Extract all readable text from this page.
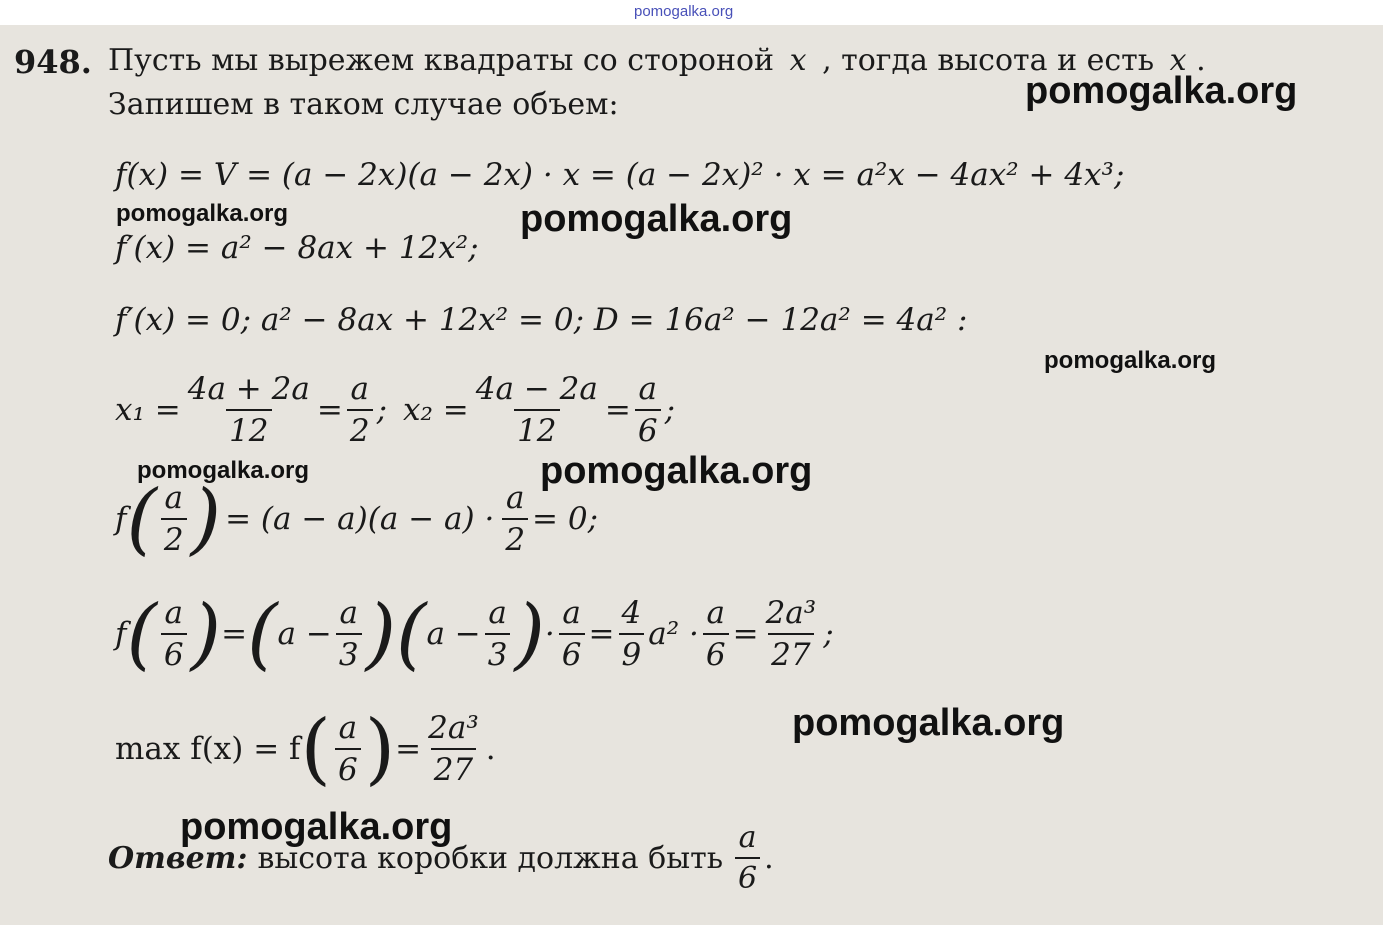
pomogalka.org
948. Пусть мы вырежем квадраты со стороной x , тогда высота и есть x .
Запишем в таком случае объем:
f(x) = V = (a − 2x)(a − 2x) · x = (a − 2x)² · x = a²x − 4ax² + 4x³;
f′(x) = a² − 8ax + 12x²;
f′(x) = 0; a² − 8ax + 12x² = 0; D = 16a² − 12a² = 4a² :
$x_1 = \frac{4a + 2a}{12} = \frac{a}{2}$ ; $x_2 = \frac{4a - 2a}{12} = \frac{a}{6}$ ;
f ( $\frac{a}{2}$ ) = $(a - a)(a - a) \cdot \frac{a}{2} = 0$;
f ( $\frac{a}{6}$ ) = ( $a - \frac{a}{3}$ ) ( $a - \frac{a}{3}$ ) · $\frac{a}{6} = \frac{4}{9} a^2 \cdot \frac{a}{6} = \frac{\text{2a³}}{27}$ ;
max f(x) = f ( $\frac{a}{6}$ ) = $\frac{\text{2a³}}{27}$ .
Ответ: высота коробки должна быть $\frac{a}{6}$ .
pomogalka.org
pomogalka.org	pomogalka.org
pomogalka.org
pomogalka.org	pomogalka.org
pomogalka.org
pomogalka.org
